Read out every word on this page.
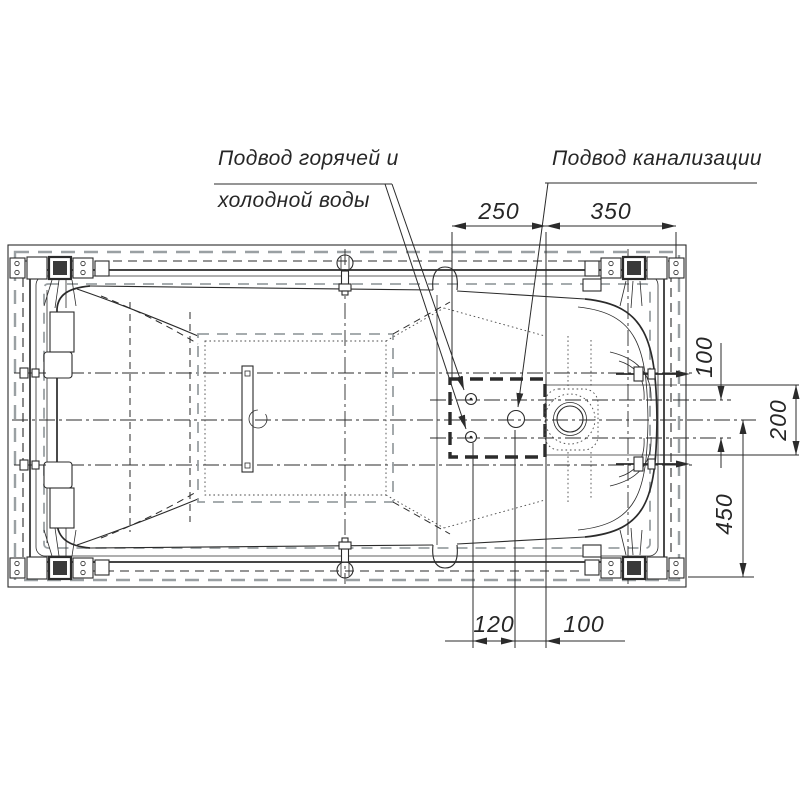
Подвод горячей и
холодной воды
Подвод канализации
250	350
120 100
100
200
450
